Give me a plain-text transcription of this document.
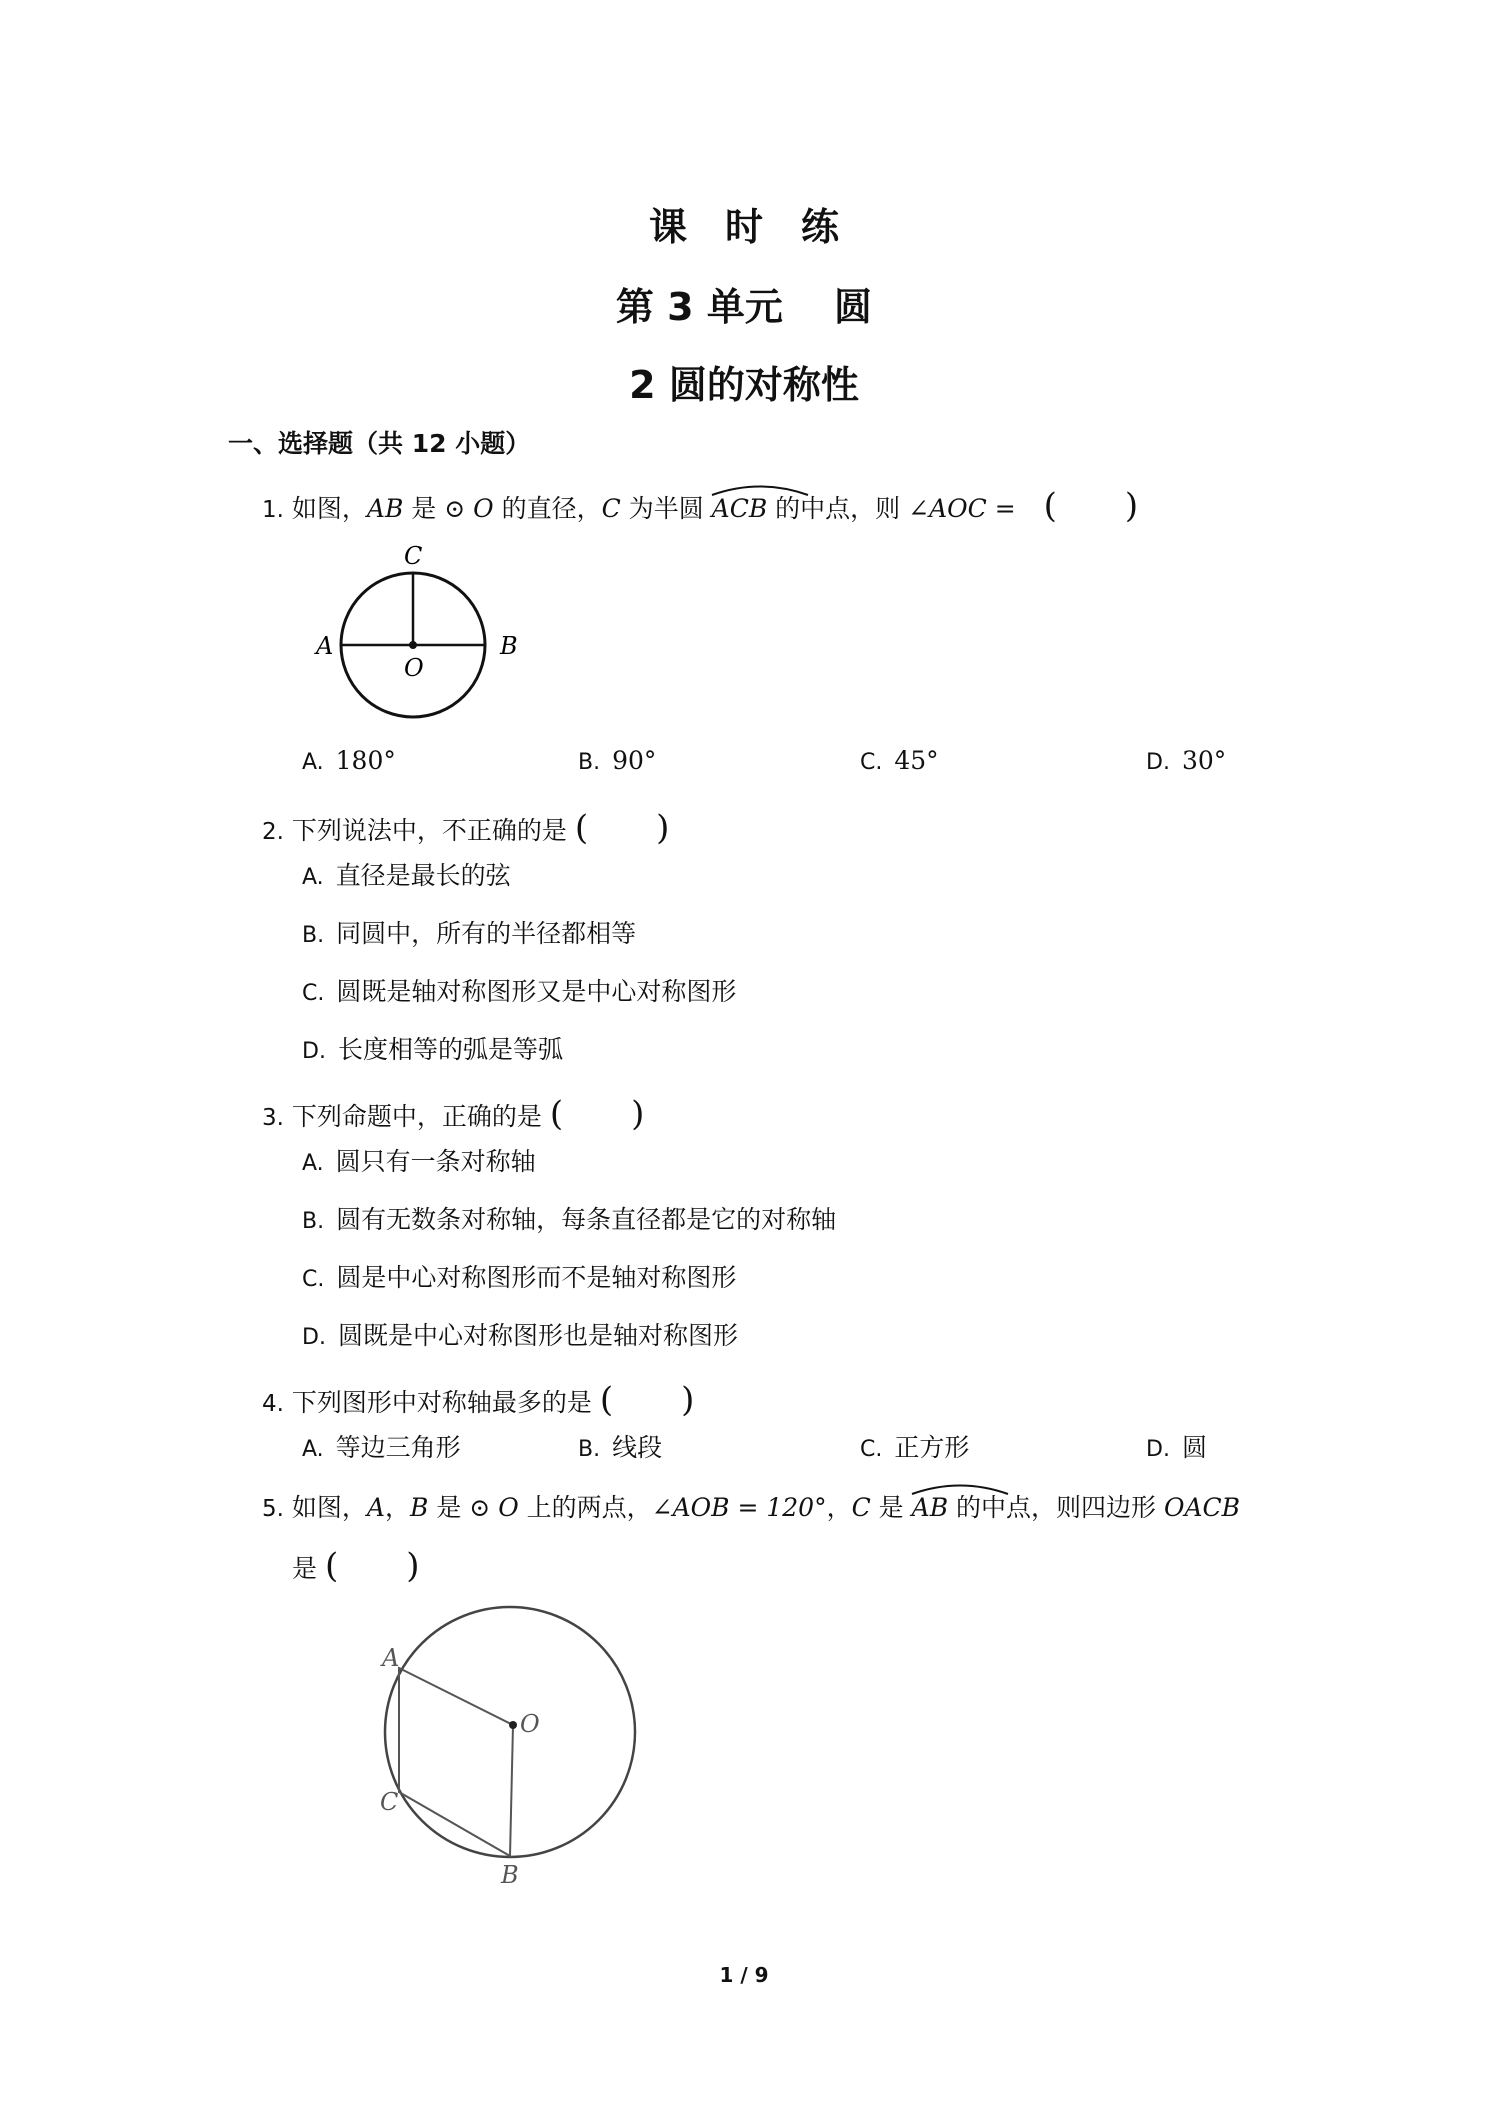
课　时　练
第 3 单元　 圆
2 圆的对称性
一、选择题（共 12 小题）
1. 如图，AB 是 ⊙ O 的直径，C 为半圆
ACB 的中点，则 ∠AOC = (　　)
C
A	B
O
A. 180°	B. 90°	C. 45°	D. 30°
2. 下列说法中，不正确的是 (　　)
A. 直径是最长的弦
B. 同圆中，所有的半径都相等
C. 圆既是轴对称图形又是中心对称图形
D. 长度相等的弧是等弧
3. 下列命题中，正确的是 (　　)
A. 圆只有一条对称轴
B. 圆有无数条对称轴，每条直径都是它的对称轴
C. 圆是中心对称图形而不是轴对称图形
D. 圆既是中心对称图形也是轴对称图形
4. 下列图形中对称轴最多的是 (　　)
A. 等边三角形	B. 线段	C. 正方形	D. 圆
5. 如图，A，B 是 ⊙ O 上的两点，∠AOB = 120°，C 是
AB 的中点，则四边形 OACB
是 (　　)
A
O
C
B
1 / 9
